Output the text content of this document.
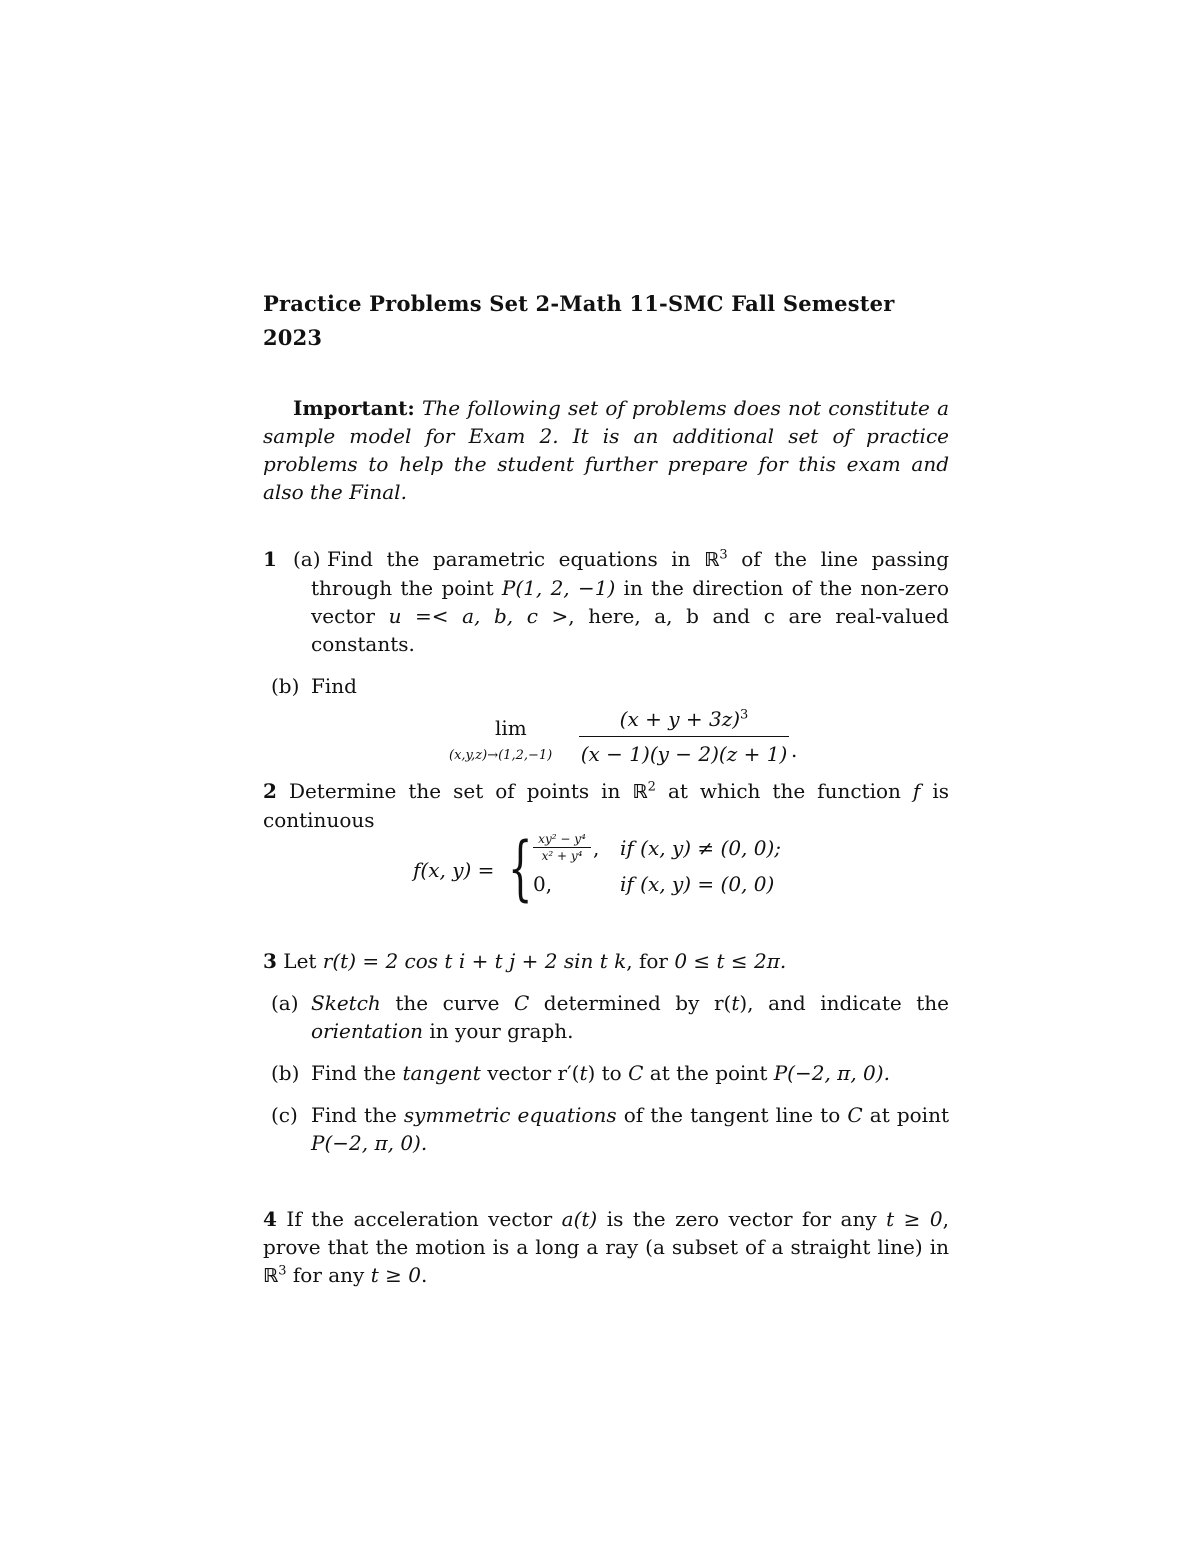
Practice Problems Set 2-Math 11-SMC Fall Semester 2023
Important: The following set of problems does not constitute a sample model for Exam 2. It is an additional set of practice problems to help the student further prepare for this exam and also the Final.
1 (a) Find the parametric equations in ℝ$^3$ of the line passing through the point P(1, 2, −1) in the direction of the non-zero vector u =< a, b, c >, here, a, b and c are real-valued constants.
(b) Find
lim
(x,y,z)→(1,2,−1)
$(x + y + 3z)^3$
(x − 1)(y − 2)(z + 1) .
2 Determine the set of points in ℝ$^2$ at which the function f is continuous
f(x, y) = { xy² − y⁴
x² + y⁴ , if (x, y) ≠ (0, 0);
0,	if (x, y) = (0, 0)
3 Let r(t) = 2 cos t i + t j + 2 sin t k, for 0 ≤ t ≤ 2π.
(a) Sketch the curve C determined by r(t), and indicate the orientation in your graph.
(b) Find the tangent vector r′(t) to C at the point P(−2, π, 0).
(c) Find the symmetric equations of the tangent line to C at point P(−2, π, 0).
4 If the acceleration vector a(t) is the zero vector for any t ≥ 0, prove that the motion is a long a ray (a subset of a straight line) in ℝ$^3$ for any t ≥ 0.
